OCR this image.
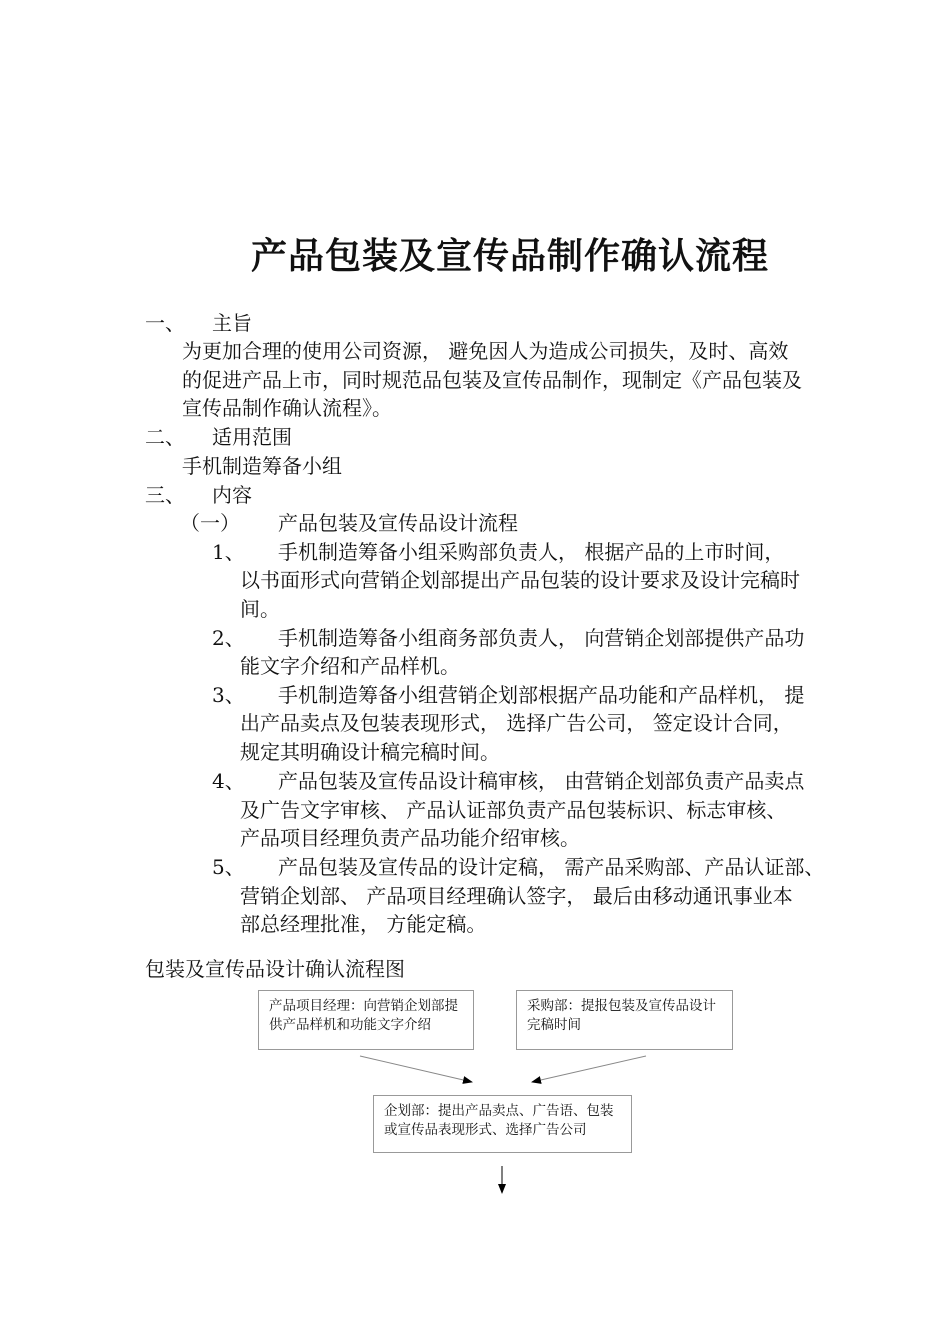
产品包装及宣传品制作确认流程
一、 主旨
为更加合理的使用公司资源， 避免因人为造成公司损失，及时、高效
的促进产品上市，同时规范品包装及宣传品制作，现制定《产品包装及
宣传品制作确认流程》。
二、 适用范围
手机制造筹备小组
三、 内容
（一） 产品包装及宣传品设计流程
1、 手机制造筹备小组采购部负责人， 根据产品的上市时间，
以书面形式向营销企划部提出产品包装的设计要求及设计完稿时
间。
2、 手机制造筹备小组商务部负责人， 向营销企划部提供产品功
能文字介绍和产品样机。
3、 手机制造筹备小组营销企划部根据产品功能和产品样机， 提
出产品卖点及包装表现形式， 选择广告公司， 签定设计合同，
规定其明确设计稿完稿时间。
4、 产品包装及宣传品设计稿审核， 由营销企划部负责产品卖点
及广告文字审核、 产品认证部负责产品包装标识、标志审核、
产品项目经理负责产品功能介绍审核。
5、 产品包装及宣传品的设计定稿， 需产品采购部、产品认证部、
营销企划部、 产品项目经理确认签字， 最后由移动通讯事业本
部总经理批准， 方能定稿。
包装及宣传品设计确认流程图
产品项目经理：向营销企划部提供产品样机和功能文字介绍
采购部：提报包装及宣传品设计完稿时间
企划部：提出产品卖点、广告语、包装或宣传品表现形式、选择广告公司
